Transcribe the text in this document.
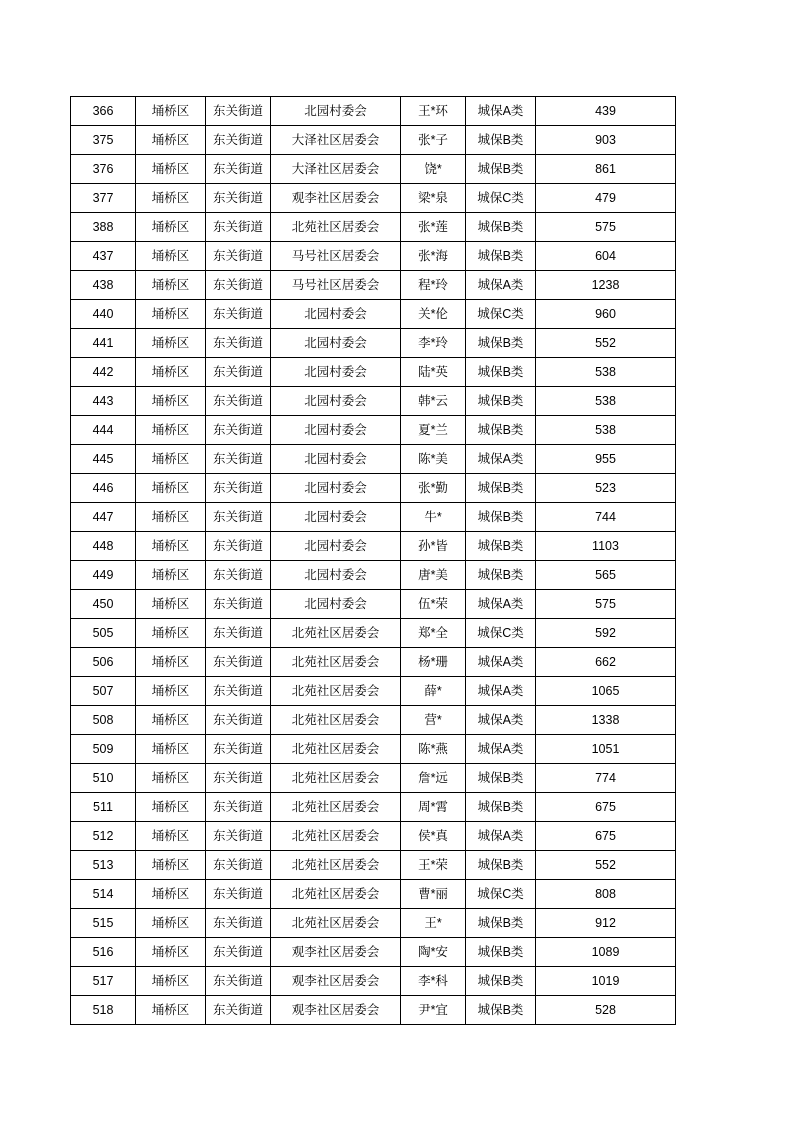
366	埇桥区	东关街道	北园村委会	王*环	城保A类	439
375	埇桥区	东关街道	大泽社区居委会	张*子	城保B类	903
376	埇桥区	东关街道	大泽社区居委会	饶*	城保B类	861
377	埇桥区	东关街道	观李社区居委会	梁*泉	城保C类	479
388	埇桥区	东关街道	北苑社区居委会	张*莲	城保B类	575
437	埇桥区	东关街道	马号社区居委会	张*海	城保B类	604
438	埇桥区	东关街道	马号社区居委会	程*玲	城保A类	1238
440	埇桥区	东关街道	北园村委会	关*伦	城保C类	960
441	埇桥区	东关街道	北园村委会	李*玲	城保B类	552
442	埇桥区	东关街道	北园村委会	陆*英	城保B类	538
443	埇桥区	东关街道	北园村委会	韩*云	城保B类	538
444	埇桥区	东关街道	北园村委会	夏*兰	城保B类	538
445	埇桥区	东关街道	北园村委会	陈*美	城保A类	955
446	埇桥区	东关街道	北园村委会	张*勤	城保B类	523
447	埇桥区	东关街道	北园村委会	牛*	城保B类	744
448	埇桥区	东关街道	北园村委会	孙*皆	城保B类	1103
449	埇桥区	东关街道	北园村委会	唐*美	城保B类	565
450	埇桥区	东关街道	北园村委会	伍*荣	城保A类	575
505	埇桥区	东关街道	北苑社区居委会	郑*全	城保C类	592
506	埇桥区	东关街道	北苑社区居委会	杨*珊	城保A类	662
507	埇桥区	东关街道	北苑社区居委会	薛*	城保A类	1065
508	埇桥区	东关街道	北苑社区居委会	营*	城保A类	1338
509	埇桥区	东关街道	北苑社区居委会	陈*燕	城保A类	1051
510	埇桥区	东关街道	北苑社区居委会	詹*远	城保B类	774
511	埇桥区	东关街道	北苑社区居委会	周*霄	城保B类	675
512	埇桥区	东关街道	北苑社区居委会	侯*真	城保A类	675
513	埇桥区	东关街道	北苑社区居委会	王*荣	城保B类	552
514	埇桥区	东关街道	北苑社区居委会	曹*丽	城保C类	808
515	埇桥区	东关街道	北苑社区居委会	王*	城保B类	912
516	埇桥区	东关街道	观李社区居委会	陶*安	城保B类	1089
517	埇桥区	东关街道	观李社区居委会	李*科	城保B类	1019
518	埇桥区	东关街道	观李社区居委会	尹*宜	城保B类	528
